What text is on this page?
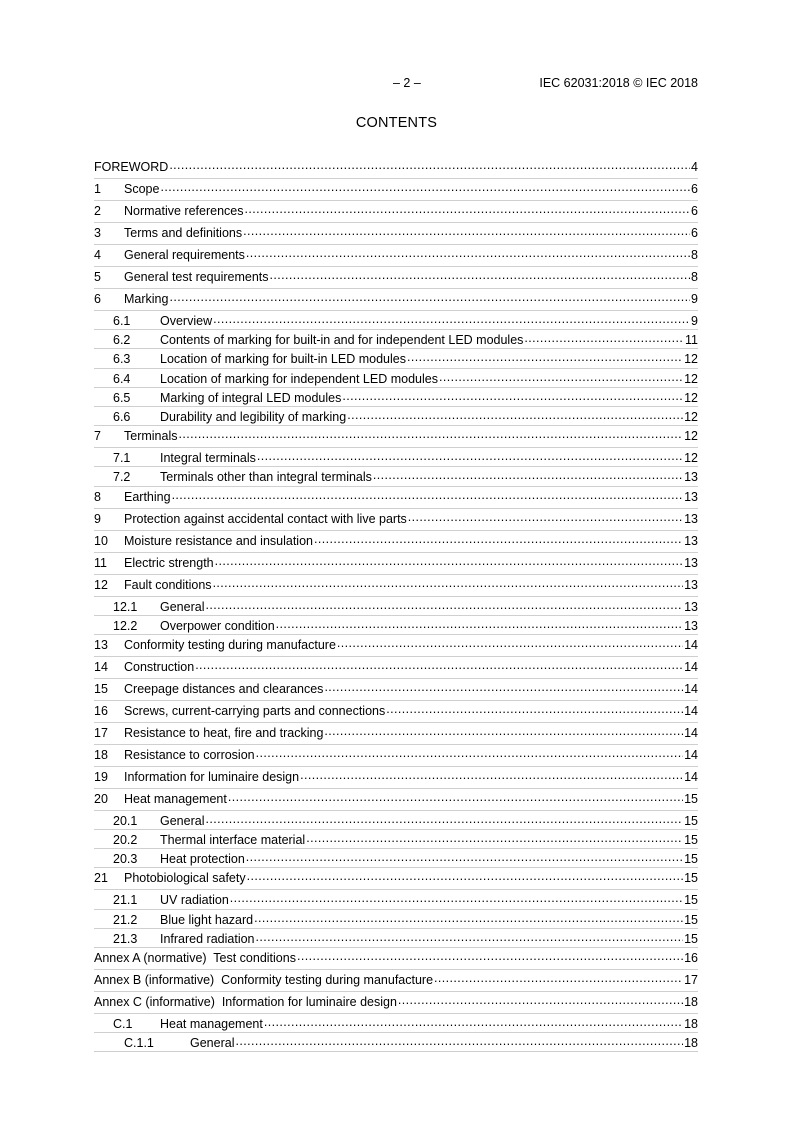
– 2 –	IEC 62031:2018 © IEC 2018
CONTENTS
FOREWORD .....	4
1	Scope .....	6
2	Normative references .....	6
3	Terms and definitions .....	6
4	General requirements .....	8
5	General test requirements .....	8
6	Marking .....	9
6.1	Overview .....	9
6.2	Contents of marking for built-in and for independent LED modules .....	11
6.3	Location of marking for built-in LED modules .....	12
6.4	Location of marking for independent LED modules .....	12
6.5	Marking of integral LED modules .....	12
6.6	Durability and legibility of marking .....	12
7	Terminals .....	12
7.1	Integral terminals .....	12
7.2	Terminals other than integral terminals .....	13
8	Earthing .....	13
9	Protection against accidental contact with live parts .....	13
10	Moisture resistance and insulation .....	13
11	Electric strength .....	13
12	Fault conditions .....	13
12.1	General .....	13
12.2	Overpower condition .....	13
13	Conformity testing during manufacture .....	14
14	Construction .....	14
15	Creepage distances and clearances .....	14
16	Screws, current-carrying parts and connections .....	14
17	Resistance to heat, fire and tracking .....	14
18	Resistance to corrosion .....	14
19	Information for luminaire design .....	14
20	Heat management .....	15
20.1	General .....	15
20.2	Thermal interface material .....	15
20.3	Heat protection .....	15
21	Photobiological safety .....	15
21.1	UV radiation .....	15
21.2	Blue light hazard .....	15
21.3	Infrared radiation .....	15
Annex A (normative)  Test conditions .....	16
Annex B (informative)  Conformity testing during manufacture .....	17
Annex C (informative)  Information for luminaire design .....	18
C.1	Heat management .....	18
C.1.1	General .....	18
